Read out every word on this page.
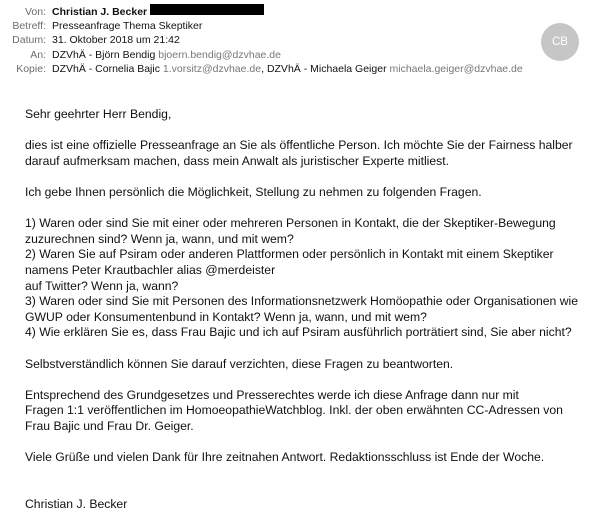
Von: Christian J. Becker
Betreff: Presseanfrage Thema Skeptiker
Datum: 31. Oktober 2018 um 21:42
An: DZVhÄ - Björn Bendig
bjoern.bendig@dzvhae.de
Kopie: DZVhÄ - Cornelia Bajic
1.vorsitz@dzvhae.de , DZVhÄ - Michaela Geiger
michaela.geiger@dzvhae.de
CB

Sehr geehrter Herr Bendig,

dies ist eine offizielle Presseanfrage an Sie als öffentliche Person. Ich möchte Sie der Fairness halber

darauf aufmerksam machen, dass mein Anwalt als juristischer Experte mitliest.

Ich gebe Ihnen persönlich die Möglichkeit, Stellung zu nehmen zu folgenden Fragen.

1) Waren oder sind Sie mit einer oder mehreren Personen in Kontakt, die der Skeptiker-Bewegung

zuzurechnen sind? Wenn ja, wann, und mit wem?

2) Waren Sie auf Psiram oder anderen Plattformen oder persönlich in Kontakt mit einem Skeptiker

namens Peter Krautbachler alias @merdeister

auf Twitter? Wenn ja, wann?

3) Waren oder sind Sie mit Personen des Informationsnetzwerk Homöopathie oder Organisationen wie

GWUP oder Konsumentenbund in Kontakt? Wenn ja, wann, und mit wem?

4) Wie erklären Sie es, dass Frau Bajic und ich auf Psiram ausführlich porträtiert sind, Sie aber nicht?

Selbstverständlich können Sie darauf verzichten, diese Fragen zu beantworten.

Entsprechend des Grundgesetzes und Presserechtes werde ich diese Anfrage dann nur mit

Fragen 1:1 veröffentlichen im HomoeopathieWatchblog. Inkl. der oben erwähnten CC-Adressen von

Frau Bajic und Frau Dr. Geiger.

Viele Grüße und vielen Dank für Ihre zeitnahen Antwort. Redaktionsschluss ist Ende der Woche.

Christian J. Becker
